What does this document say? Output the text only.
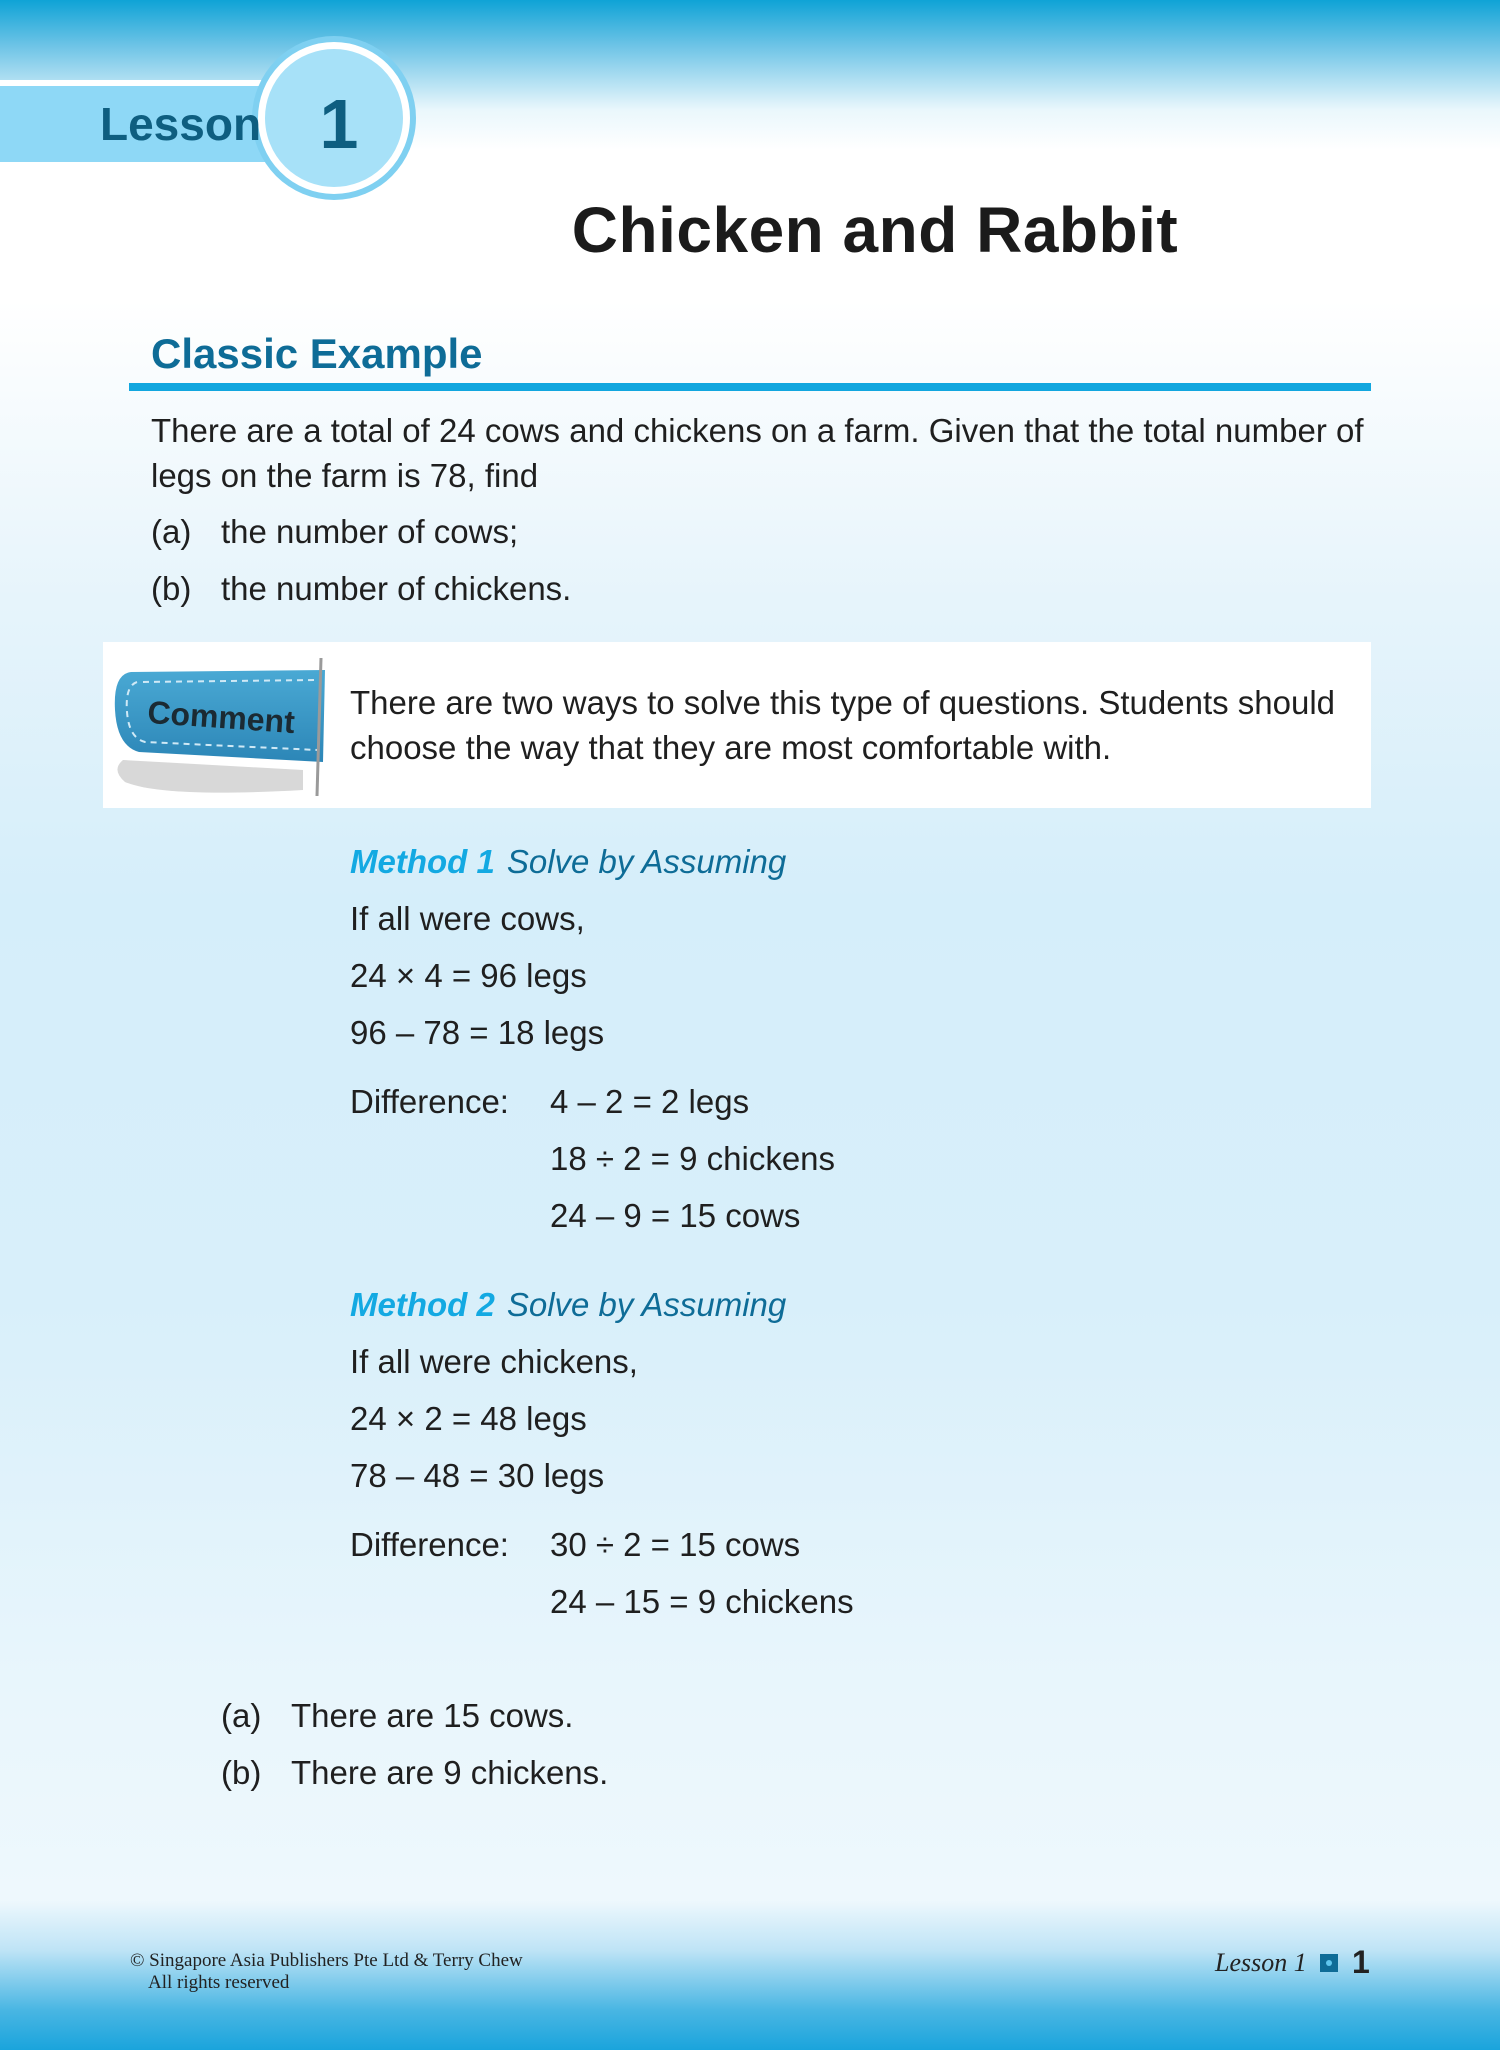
Lesson 1
Chicken and Rabbit
Classic Example
There are a total of 24 cows and chickens on a farm. Given that the total number of legs on the farm is 78, find
(a) the number of cows;
(b) the number of chickens.
Comment There are two ways to solve this type of questions. Students should choose the way that they are most comfortable with.
Method 1 Solve by Assuming
If all were cows,
24 × 4 = 96 legs
96 – 78 = 18 legs
Difference: 4 – 2 = 2 legs
18 ÷ 2 = 9 chickens
24 – 9 = 15 cows
Method 2 Solve by Assuming
If all were chickens,
24 × 2 = 48 legs
78 – 48 = 30 legs
Difference: 30 ÷ 2 = 15 cows
24 – 15 = 9 chickens
(a) There are 15 cows.
(b) There are 9 chickens.
© Singapore Asia Publishers Pte Ltd & Terry Chew
All rights reserved
Lesson 1 1
